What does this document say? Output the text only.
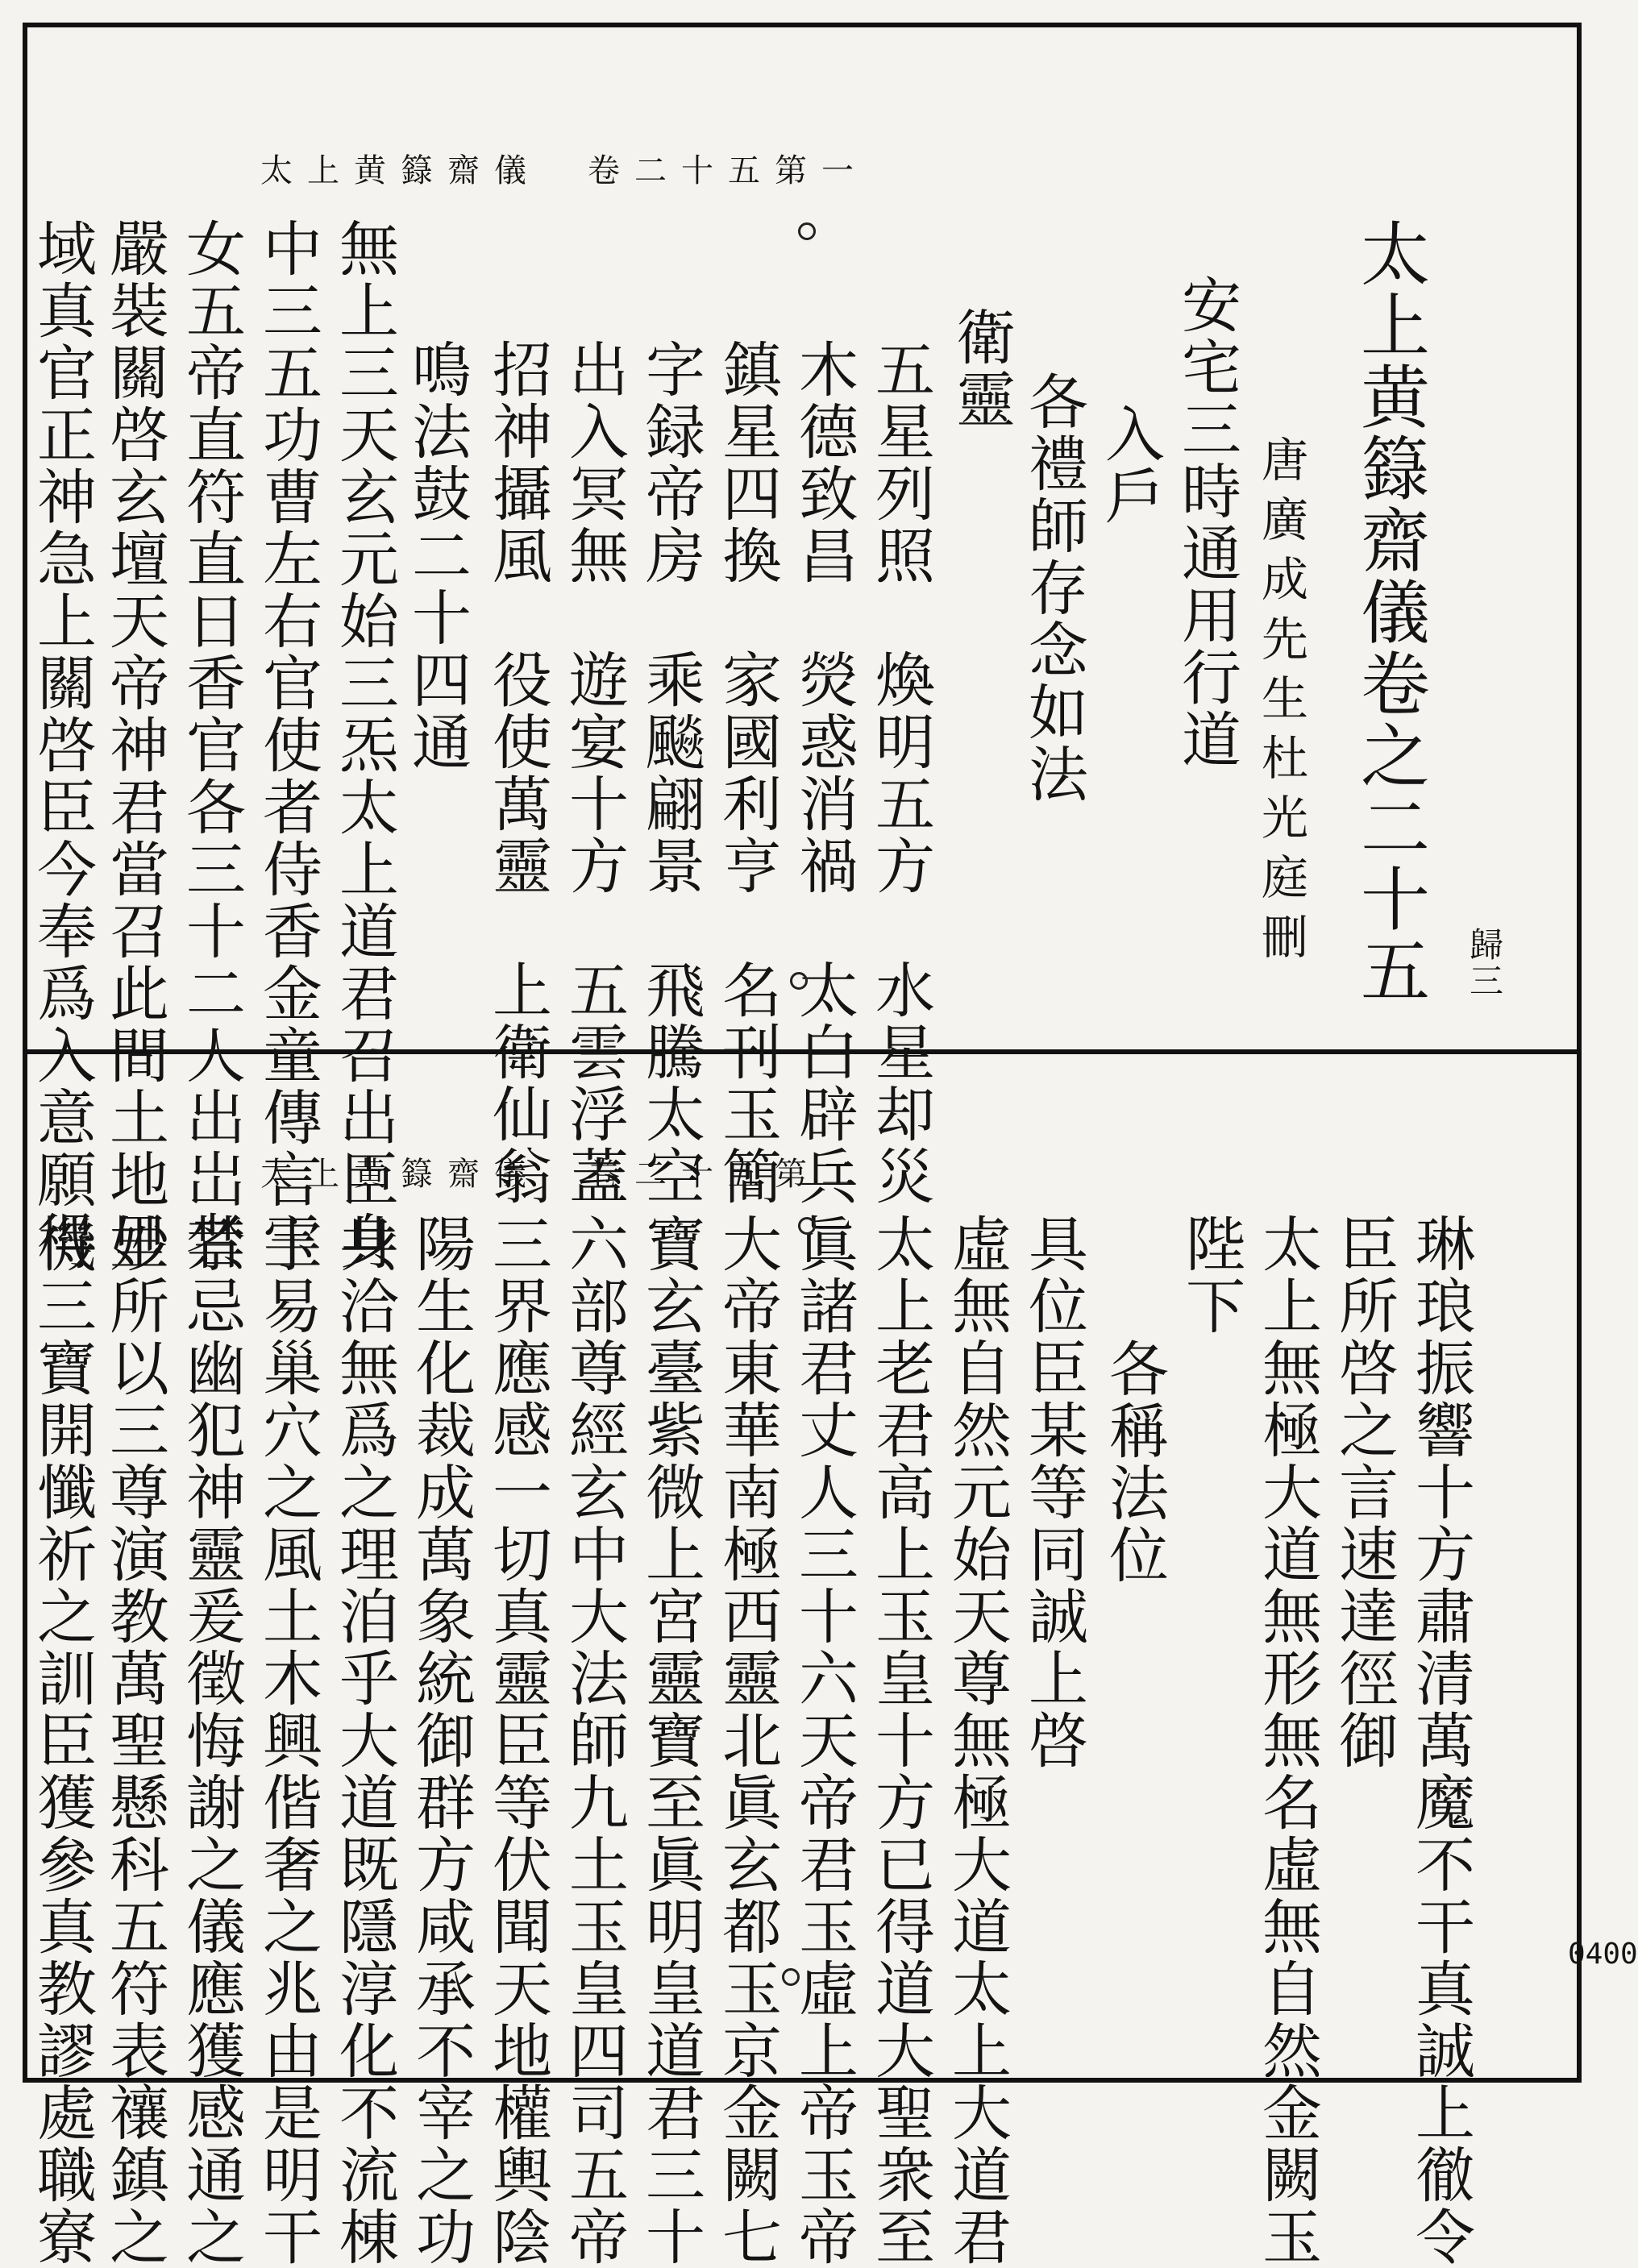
太上黄籙齋儀　卷二十五第一
太上黄籙齋儀　卷二十五第二
歸三
太上黄籙齋儀卷之二十五
唐廣成先生杜光庭刪
安宅三時通用行道
入戶
各禮師存念如法
衛靈
五星列照　煥明五方　水星却災
木德致昌　熒惑消禍　太白辟兵
鎮星四換　家國利亨　名刊玉簡
字録帝房　乘飈翩景　飛騰太空
出入冥無　遊宴十方　五雲浮蓋
招神攝風　役使萬靈　上衛仙翁
鳴法鼓二十四通
無上三天玄元始三炁太上道君召出臣身
中三五功曹左右官使者侍香金童傳言玉
女五帝直符直日香官各三十二人出岀者
嚴裝關啓玄壇天帝神君當召此間土地里
域真官正神急上關啓臣今奉爲入意願得
琳琅振響十方肅清萬魔不干真誠上徹令
臣所啓之言速達徑御
太上無極大道無形無名虛無自然金闕玉
陛下
各稱法位
具位臣某等同誠上啓
虛無自然元始天尊無極大道太上大道君
太上老君高上玉皇十方已得道大聖衆至
眞諸君丈人三十六天帝君玉虛上帝玉帝
大帝東華南極西靈北眞玄都玉京金闕七
寶玄臺紫微上宮靈寶至眞明皇道君三十
六部尊經玄中大法師九土玉皇四司五帝
三界應感一切真靈臣等伏聞天地權輿陰
陽生化裁成萬象統御群方咸承不宰之功
共洽無爲之理洎乎大道既隱淳化不流棟
宇易巢穴之風土木興偕奢之兆由是明干
禁忌幽犯神靈爰徵悔謝之儀應獲感通之
妙所以三尊演教萬聖懸科五符表禳鎮之
機三寶開懺祈之訓臣獲參真教謬處職寮	0400
